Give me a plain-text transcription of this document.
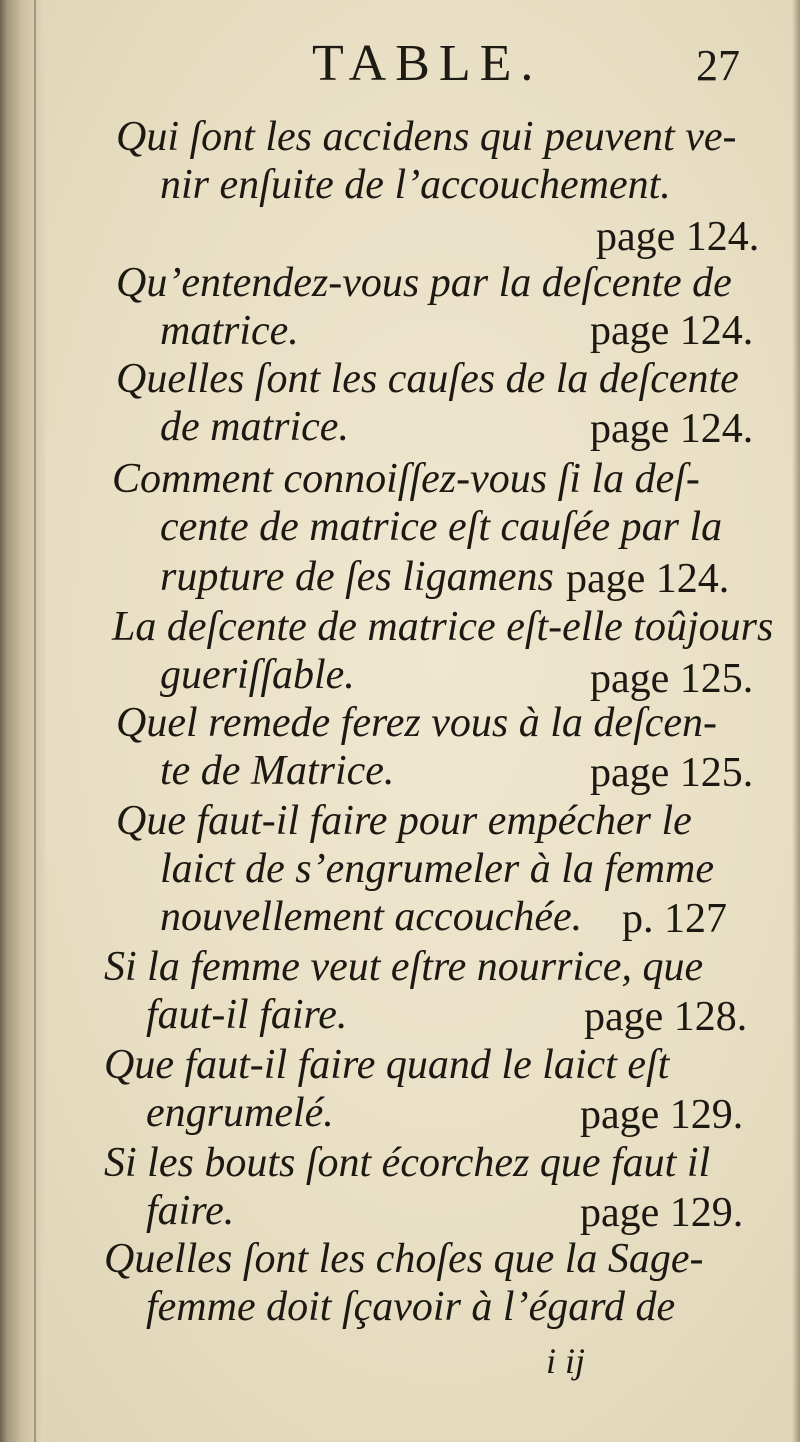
TABLE.	27
Qui ſont les accidens qui peuvent ve-
nir enſuite de l’accouchement.
page 124.
Qu’entendez-vous par la deſcente de
matrice.	page 124.
Quelles ſont les cauſes de la deſcente
de matrice.	page 124.
Comment connoiſſez-vous ſi la deſ-
cente de matrice eſt cauſée par la
rupture de ſes ligamens page 124.
La deſcente de matrice eſt-elle toûjours
gueriſſable.	page 125.
Quel remede ferez vous à la deſcen-
te de Matrice.	page 125.
Que faut-il faire pour empécher le
laict de s’engrumeler à la femme
nouvellement accouchée. p. 127
Si la femme veut eſtre nourrice, que
faut-il faire.	page 128.
Que faut-il faire quand le laict eſt
engrumelé.	page 129.
Si les bouts ſont écorchez que faut il
faire.	page 129.
Quelles ſont les choſes que la Sage-
femme doit ſçavoir à l’égard de
i ij
